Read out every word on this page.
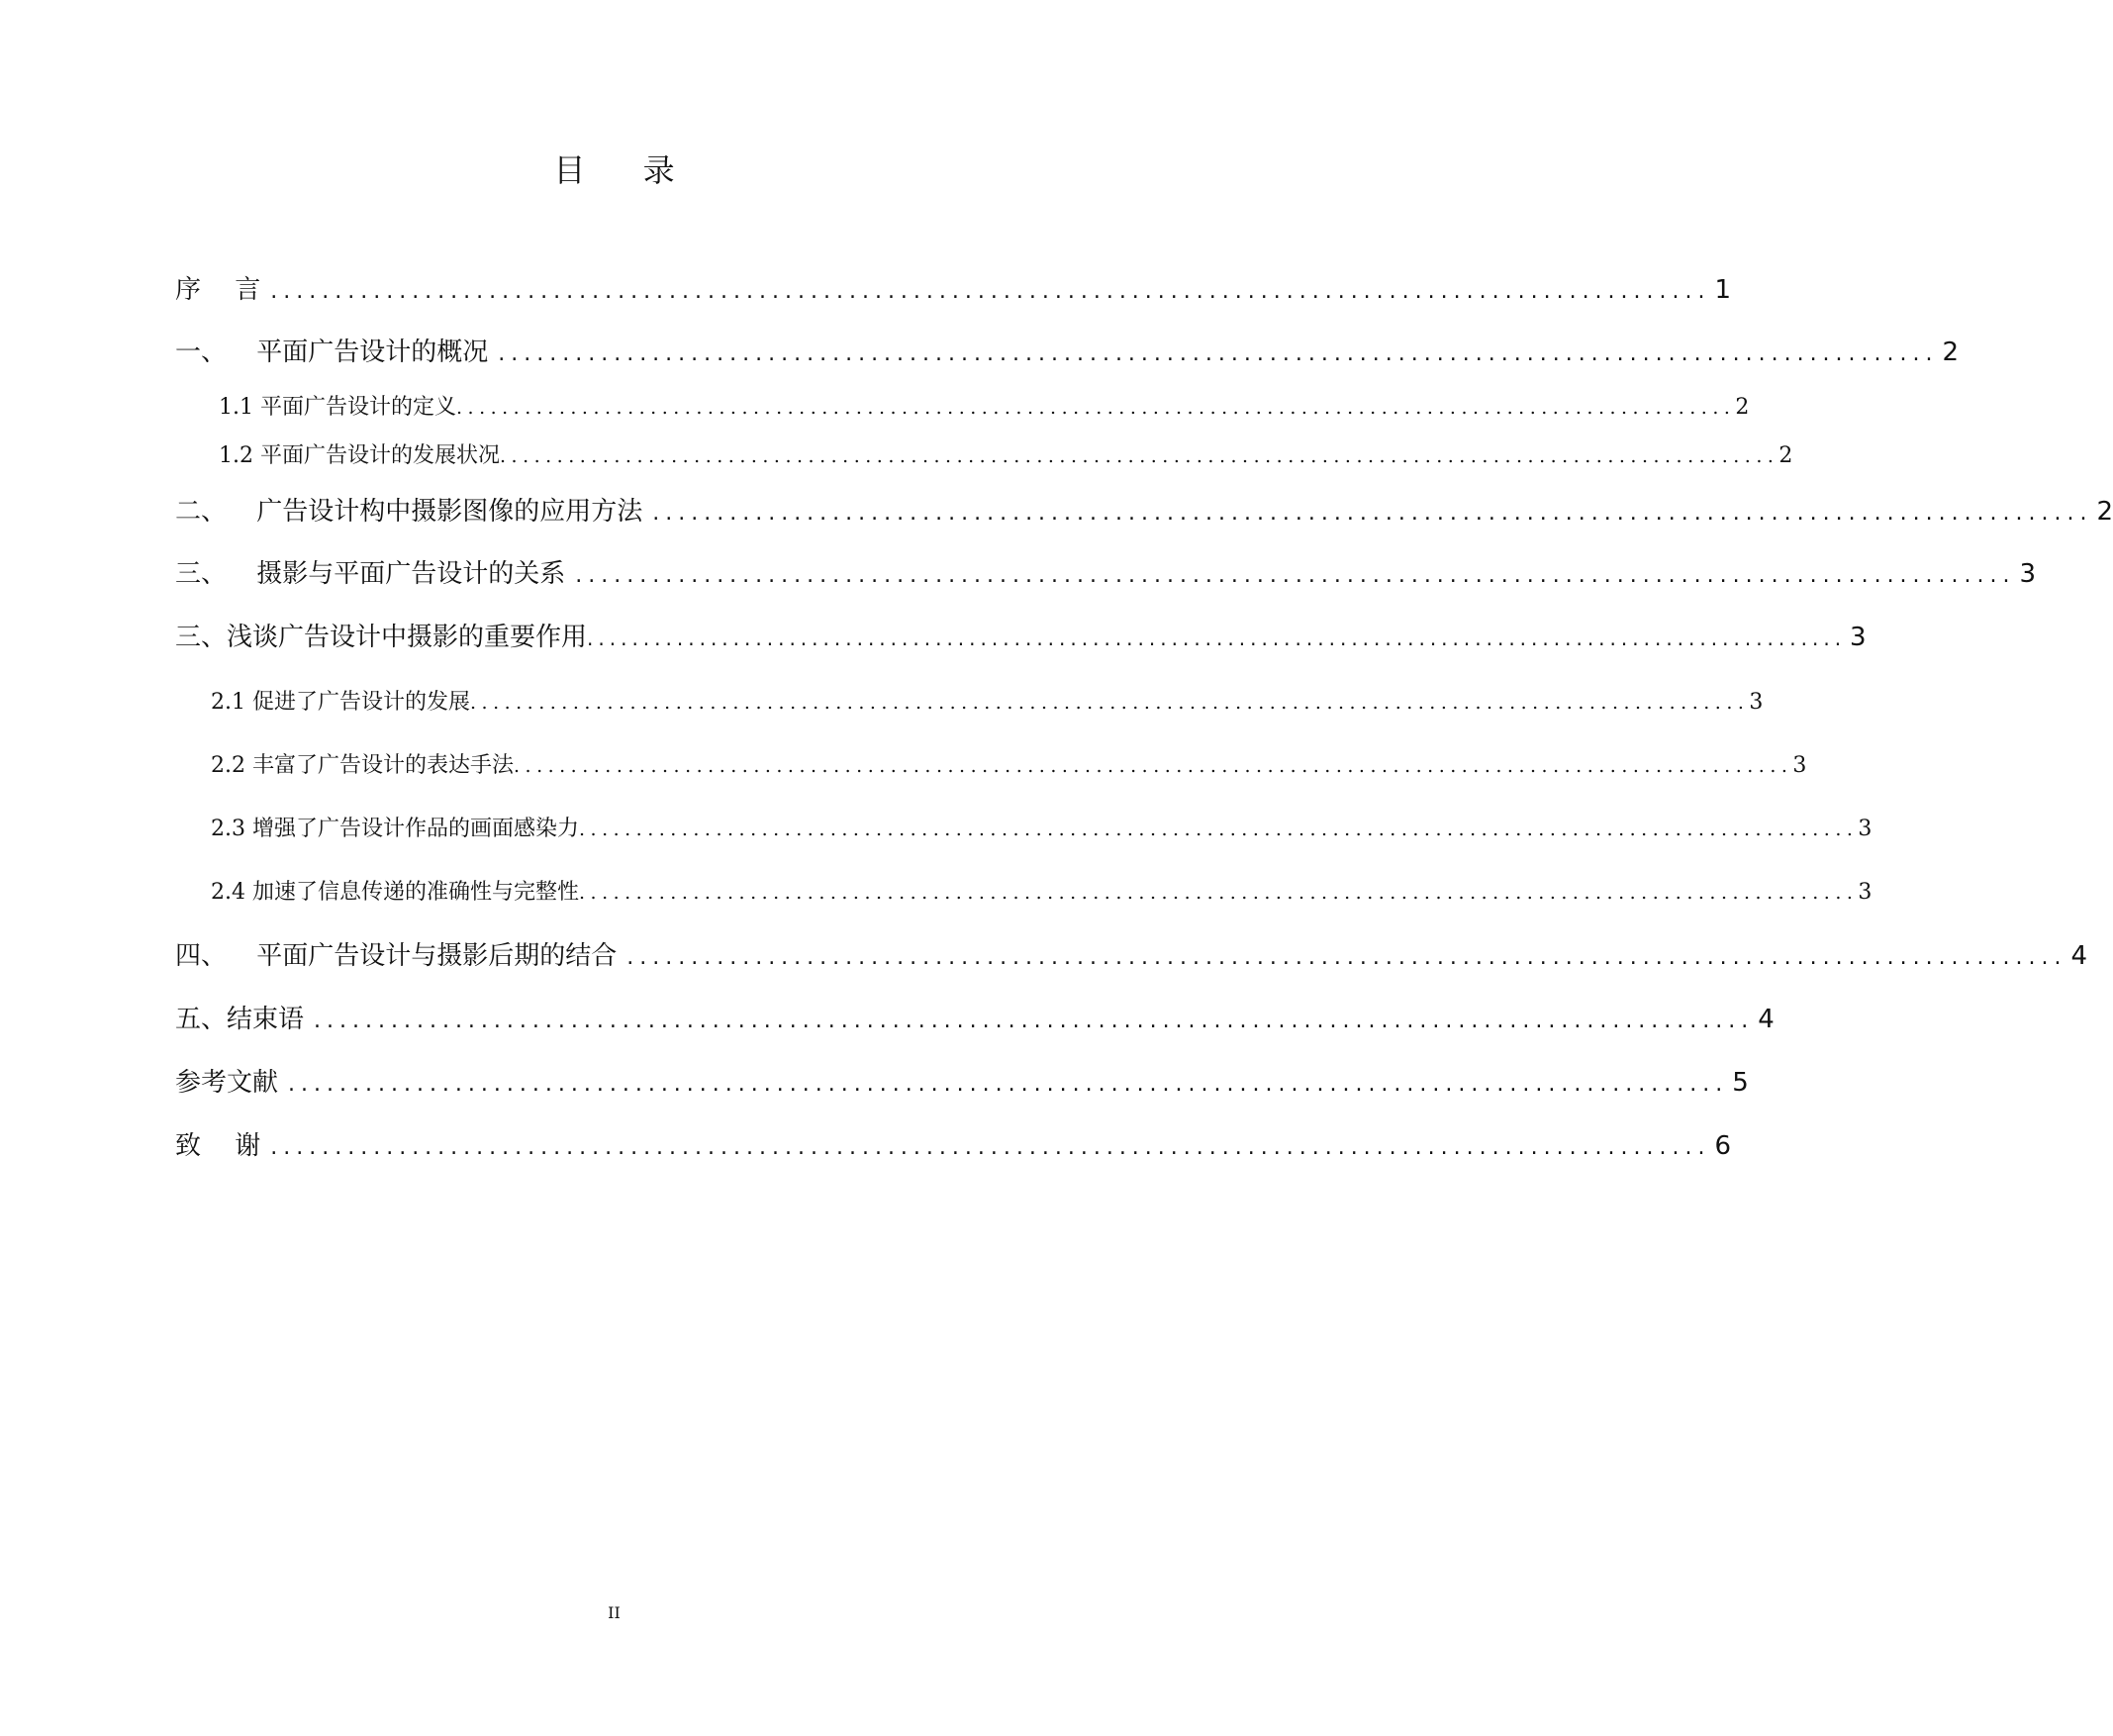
目 录
序 言 ................................................................................................................ 1
一、 平面广告设计的概况 ................................................................................................................ 2
1.1 平面广告设计的定义 ................................................................................................................ 2
1.2 平面广告设计的发展状况 ................................................................................................................ 2
二、 广告设计构中摄影图像的应用方法 ................................................................................................................ 2
三、 摄影与平面广告设计的关系 ................................................................................................................ 3
三、浅谈广告设计中摄影的重要作用 ................................................................................................................ 3
2.1 促进了广告设计的发展 ................................................................................................................ 3
2.2 丰富了广告设计的表达手法 ................................................................................................................ 3
2.3 增强了广告设计作品的画面感染力 ................................................................................................................ 3
2.4 加速了信息传递的准确性与完整性 ................................................................................................................ 3
四、 平面广告设计与摄影后期的结合 ................................................................................................................ 4
五、结束语 ................................................................................................................ 4
参考文献 ................................................................................................................ 5
致 谢 ................................................................................................................ 6
II
